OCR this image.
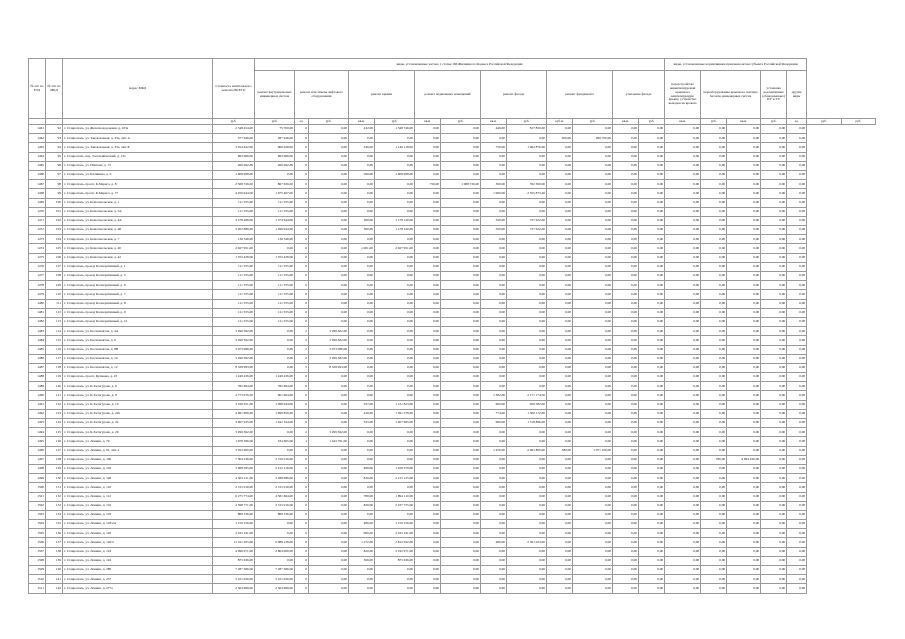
№ п/п по ЕТД	№ п/п по МКД	Адрес МКД	Стоимость капитального ремонта ВСЕГО	виды, установленные частью 1 статьи 166 Жилищного Кодекса Российской Федерации													виды, установленные нормативным правовым актом субъекта Российской Федерации						
				ремонт внутридомовых инженерных систем	ремонт или замена лифтового оборудования		ремонт крыши		ремонт подвальных помещений		ремонт фасада		ремонт фундамента		утепление фасада		переустройство невентилируемой крыши на вентилируемую крышу, устройство выходов на кровлю	переоборудование крыши на скатную без изм. инженерных систем		установка коллективных (общедомовых) ПУ и УУ	другие виды		
			руб.	руб.	ед.	руб.	кв.м.	руб.	кв.м.	руб.	кв.м.	руб.	куб.м.	руб.	кв.м.	руб.	кв.м.	руб.	кв.м.	руб.	ед.	руб.	руб.
1461	92	г. Ставрополь, ул. Железнодорожная, д. 103а	2 548 454,00	75 700,00	0	0,00	432,00	1 348 746,00	0,00	0,00	446,00	817 830,00	0,00	0,00	0,00	0,00	0,00	0,00	0,00	0,00	0,00		
1462	93	г. Ставрополь, ул. Завокзальная, д. 33а, лит. А	577 646,00	287 946,00	0	0,00	0,00	0,00	0,00	0,00	0,00	0,00	300,00	289 700,00	0,00	0,00	0,00	0,00	0,00	0,00	0,00		
1463	94	г. Ставрополь, ул. Завокзальная, д. 33а, лит. Б	3 454 622,00	966 628,00	0	0,00	346,00	1 140 118,00	0,00	0,00	750,00	1 962 876,00	0,00	0,00	0,00	0,00	0,00	0,00	0,00	0,00	0,00		
1464	95	г. Ставрополь, пер. Зоотехнический, д. 13а	693 966,00	693 966,00	0	0,00	0,00	0,00	0,00	0,00	0,00	0,00	0,00	0,00	0,00	0,00	0,00	0,00	0,00	0,00	0,00		
1465	96	г. Ставрополь, ул. Ипатова, д. 13	260 292,00	260 292,00	0	0,00	0,00	0,00	0,00	0,00	0,00	0,00	0,00	0,00	0,00	0,00	0,00	0,00	0,00	0,00	0,00		
1466	97	г. Ставрополь, ул. Калинина, д. 6	1 608 068,00	0,00	0	0,00	596,00	1 608 068,00	0,00	0,00	0,00	0,00	0,00	0,00	0,00	0,00	0,00	0,00	0,00	0,00	0,00		
1467	98	г. Ставрополь, просп. К.Маркса, д. 8	2 368 726,00	867 656,00	0	0,00	0,00	0,00	750,00	1 088 726,00	300,00	762 300,00	0,00	0,00	0,00	0,00	0,00	0,00	0,00	0,00	0,00		
1468	99	г. Ставрополь, просп. К.Маркса, д. 77	4 250 944,00	1 675 467,00	0	0,00	0,00	0,00	0,00	0,00	1 900,00	2 555 873,40	0,00	0,00	0,00	0,00	0,00	0,00	0,00	0,00	0,00		
1469	100	г. Ставрополь, ул. Комсомольская, д. 1	111 555,00	111 555,00	0	0,00	0,00	0,00	0,00	0,00	0,00	0,00	0,00	0,00	0,00	0,00	0,00	0,00	0,00	0,00	0,00		
1470	101	г. Ставрополь, ул. Комсомольская, д. 3А	111 555,00	111 555,00	0	0,00	0,00	0,00	0,00	0,00	0,00	0,00	0,00	0,00	0,00	0,00	0,00	0,00	0,00	0,00	0,00		
1471	102	г. Ставрополь, ул. Комсомольская, д. 4А	3 278 486,00	1 374 944,00	0	0,00	360,00	1 178 120,00	0,00	0,00	320,00	727 622,00	0,00	0,00	0,00	0,00	0,00	0,00	0,00	0,00	0,00		
1472	103	г. Ставрополь, ул. Комсомольская, д. 4Б	3 202 686,00	1 296 944,00	0	0,00	360,00	1 178 120,00	0,00	0,00	320,00	727 622,00	0,00	0,00	0,00	0,00	0,00	0,00	0,00	0,00	0,00		
1473	104	г. Ставрополь, ул. Комсомольская, д. 7	136 346,00	136 346,00	0	0,00	0,00	0,00	0,00	0,00	0,00	0,00	0,00	0,00	0,00	0,00	0,00	0,00	0,00	0,00	0,00		
1474	105	г. Ставрополь, ул. Комсомольская, д. 40	2 927 951,00	0,00	0	0,00	1 001,00	2 927 951,00	0,00	0,00	0,00	0,00	0,00	0,00	0,00	0,00	0,00	0,00	0,00	0,00	0,00		
1475	106	г. Ставрополь, ул. Комсомольская, д. 42	1 355 428,00	1 355 428,00	0	0,00	0,00	0,00	0,00	0,00	0,00	0,00	0,00	0,00	0,00	0,00	0,00	0,00	0,00	0,00	0,00		
1476	107	г. Ставрополь, проезд Кооперативный, д. 1	111 555,00	111 555,00	0	0,00	0,00	0,00	0,00	0,00	0,00	0,00	0,00	0,00	0,00	0,00	0,00	0,00	0,00	0,00	0,00		
1477	108	г. Ставрополь, проезд Кооперативный, д. 5	111 555,00	111 555,00	0	0,00	0,00	0,00	0,00	0,00	0,00	0,00	0,00	0,00	0,00	0,00	0,00	0,00	0,00	0,00	0,00		
1478	109	г. Ставрополь, проезд Кооперативный, д. 6	111 555,00	111 555,00	0	0,00	0,00	0,00	0,00	0,00	0,00	0,00	0,00	0,00	0,00	0,00	0,00	0,00	0,00	0,00	0,00		
1479	110	г. Ставрополь, проезд Кооперативный, д. 7	111 555,00	111 555,00	0	0,00	0,00	0,00	0,00	0,00	0,00	0,00	0,00	0,00	0,00	0,00	0,00	0,00	0,00	0,00	0,00		
1480	111	г. Ставрополь, проезд Кооперативный, д. 8	111 555,00	111 555,00	0	0,00	0,00	0,00	0,00	0,00	0,00	0,00	0,00	0,00	0,00	0,00	0,00	0,00	0,00	0,00	0,00		
1481	112	г. Ставрополь, проезд Кооперативный, д. 9	111 555,00	111 555,00	0	0,00	0,00	0,00	0,00	0,00	0,00	0,00	0,00	0,00	0,00	0,00	0,00	0,00	0,00	0,00	0,00		
1482	113	г. Ставрополь, проезд Кооперативный, д. 12	111 555,00	111 555,00	0	0,00	0,00	0,00	0,00	0,00	0,00	0,00	0,00	0,00	0,00	0,00	0,00	0,00	0,00	0,00	0,00		
1483	114	г. Ставрополь, ул. Космонавтов, д. 4А	3 299 362,00	0,00	2	3 299 362,00	0,00	0,00	0,00	0,00	0,00	0,00	0,00	0,00	0,00	0,00	0,00	0,00	0,00	0,00	0,00		
1484	115	г. Ставрополь, ул. Космонавтов, д. 6	3 299 362,00	0,00	2	3 299 362,00	0,00	0,00	0,00	0,00	0,00	0,00	0,00	0,00	0,00	0,00	0,00	0,00	0,00	0,00	0,00		
1485	116	г. Ставрополь, ул. Космонавтов, д. 8В	3 073 086,00	0,00	2	3 073 086,00	0,00	0,00	0,00	0,00	0,00	0,00	0,00	0,00	0,00	0,00	0,00	0,00	0,00	0,00	0,00		
1486	117	г. Ставрополь, ул. Космонавтов, д. 10	3 299 362,00	0,00	2	3 299 362,00	0,00	0,00	0,00	0,00	0,00	0,00	0,00	0,00	0,00	0,00	0,00	0,00	0,00	0,00	0,00		
1487	118	г. Ставрополь, ул. Космонавтов, д. 12	8 328 993,00	0,00	5	8 328 993,00	0,00	0,00	0,00	0,00	0,00	0,00	0,00	0,00	0,00	0,00	0,00	0,00	0,00	0,00	0,00		
1488	119	г. Ставрополь, просп. Кулакова, д. 23	1 249 436,00	1 249 436,00	0	0,00	0,00	0,00	0,00	0,00	0,00	0,00	0,00	0,00	0,00	0,00	0,00	0,00	0,00	0,00	0,00		
1489	120	г. Ставрополь, ул. К.Хетагурова, д. 6	782 664,00	782 664,00	0	0,00	0,00	0,00	0,00	0,00	0,00	0,00	0,00	0,00	0,00	0,00	0,00	0,00	0,00	0,00	0,00		
1490	121	г. Ставрополь, ул. К.Хетагурова, д. 8	2 773 076,50	601 904,00	0	0,00	0,00	0,00	0,00	0,00	1 382,00	2 171 174,50	0,00	0,00	0,00	0,00	0,00	0,00	0,00	0,00	0,00		
1491	122	г. Ставрополь, ул. К.Хетагурова, д. 10	3 169 351,00	1 098 944,00	0	0,00	357,00	1 121 823,00	0,00	0,00	600,00	950 582,00	0,00	0,00	0,00	0,00	0,00	0,00	0,00	0,00	0,00		
1492	123	г. Ставрополь, ул. К.Хетагурова, д. 20а	4 691 606,00	1 999 856,00	0	0,00	426,00	1 391 578,00	0,00	0,00	774,00	1 300 172,00	0,00	0,00	0,00	0,00	0,00	0,00	0,00	0,00	0,00		
1493	124	г. Ставрополь, ул. К.Хетагурова, д. 24	3 967 935,00	1 041 344,00	0	0,00	325,00	1 407 695,00	0,00	0,00	660,00	1 518 896,00	0,00	0,00	0,00	0,00	0,00	0,00	0,00	0,00	0,00		
1494	125	г. Ставрополь, ул. К.Хетагурова, д. 26	3 299 362,00	0,00	2	3 299 362,00	0,00	0,00	0,00	0,00	0,00	0,00	0,00	0,00	0,00	0,00	0,00	0,00	0,00	0,00	0,00		
1495	126	г. Ставрополь, ул. Ленина, д. 79	1 978 396,00	534 605,00	1	1 443 791,00	0,00	0,00	0,00	0,00	0,00	0,00	0,00	0,00	0,00	0,00	0,00	0,00	0,00	0,00	0,00		
1496	127	г. Ставрополь, ул. Ленина, д. 91, лит. а	3 052 900,00	0,00	0	0,00	0,00	0,00	0,00	0,00	1 450,00	2 061 800,00	380,00	1 071 100,00	0,00	0,00	0,00	0,00	0,00	0,00	0,00		
1497	128	г. Ставрополь, ул. Ленина, д. 100	7 304 236,00	2 310 016,00	0	0,00	0,00	0,00	0,00	0,00	0,00	0,00	0,00	0,00	0,00	0,00	0,00	780,00	4 994 220,00	0,00	0,00		
1498	129	г. Ставрополь, ул. Ленина, д. 102	3 668 595,00	2 212 216,00	0	0,00	486,00	1 456 379,00	0,00	0,00	0,00	0,00	0,00	0,00	0,00	0,00	0,00	0,00	0,00	0,00	0,00		
1499	130	г. Ставрополь, ул. Ленина, д. 106	4 503 211,00	2 288 086,00	0	0,00	826,00	2 215 125,00	0,00	0,00	0,00	0,00	0,00	0,00	0,00	0,00	0,00	0,00	0,00	0,00	0,00		
1500	131	г. Ставрополь, ул. Ленина, д. 110	2 315 016,00	2 315 016,00	0	0,00	0,00	0,00	0,00	0,00	0,00	0,00	0,00	0,00	0,00	0,00	0,00	0,00	0,00	0,00	0,00		
1501	132	г. Ставрополь, ул. Ленина, д. 112	6 275 774,00	4 381 664,00	0	0,00	780,00	1 894 110,00	0,00	0,00	0,00	0,00	0,00	0,00	0,00	0,00	0,00	0,00	0,00	0,00	0,00		
1502	133	г. Ставрополь, ул. Ленина, д. 116	4 598 771,00	2 315 016,00	0	0,00	826,00	2 237 755,00	0,00	0,00	0,00	0,00	0,00	0,00	0,00	0,00	0,00	0,00	0,00	0,00	0,00		
1503	134	г. Ставрополь, ул. Ленина, д. 118	869 336,00	869 336,00	0	0,00	0,00	0,00	0,00	0,00	0,00	0,00	0,00	0,00	0,00	0,00	0,00	0,00	0,00	0,00	0,00		
1504	135	г. Ставрополь, ул. Ленина, д. 118/2А	1 159 256,00	0,00	0	0,00	486,00	1 159 256,00	0,00	0,00	0,00	0,00	0,00	0,00	0,00	0,00	0,00	0,00	0,00	0,00	0,00		
1505	136	г. Ставрополь, ул. Ленина, д. 120	2 163 191,00	0,00	0	0,00	960,00	2 163 191,00	0,00	0,00	0,00	0,00	0,00	0,00	0,00	0,00	0,00	0,00	0,00	0,00	0,00		
1506	137	г. Ставрополь, ул. Ленина, д. 120/2	12 161 205,00	6 988 128,00	0	0,00	1 272,00	2 812 942,00	0,00	0,00	480,00	2 361 023,00	0,00	0,00	0,00	0,00	0,00	0,00	0,00	0,00	0,00		
1507	138	г. Ставрополь, ул. Ленина, д. 122	4 996 971,00	2 804 000,00	0	0,00	820,00	2 192 971,00	0,00	0,00	0,00	0,00	0,00	0,00	0,00	0,00	0,00	0,00	0,00	0,00	0,00		
1508	139	г. Ставрополь, ул. Ленина, д. 124	875 636,00	0,00	0	0,00	306,00	875 636,00	0,00	0,00	0,00	0,00	0,00	0,00	0,00	0,00	0,00	0,00	0,00	0,00	0,00		
1509	140	г. Ставрополь, ул. Ленина, д. 280	7 287 366,00	7 287 366,00	0	0,00	0,00	0,00	0,00	0,00	0,00	0,00	0,00	0,00	0,00	0,00	0,00	0,00	0,00	0,00	0,00		
1510	141	г. Ставрополь, ул. Ленина, д. 237	5 101 026,00	5 101 026,00	0	0,00	0,00	0,00	0,00	0,00	0,00	0,00	0,00	0,00	0,00	0,00	0,00	0,00	0,00	0,00	0,00		
1511	142	г. Ставрополь, ул. Ленина, д. 277а	2 504 699,00	2 504 699,00	0	0,00	0,00	0,00	0,00	0,00	0,00	0,00	0,00	0,00	0,00	0,00	0,00	0,00	0,00	0,00	0,00		
